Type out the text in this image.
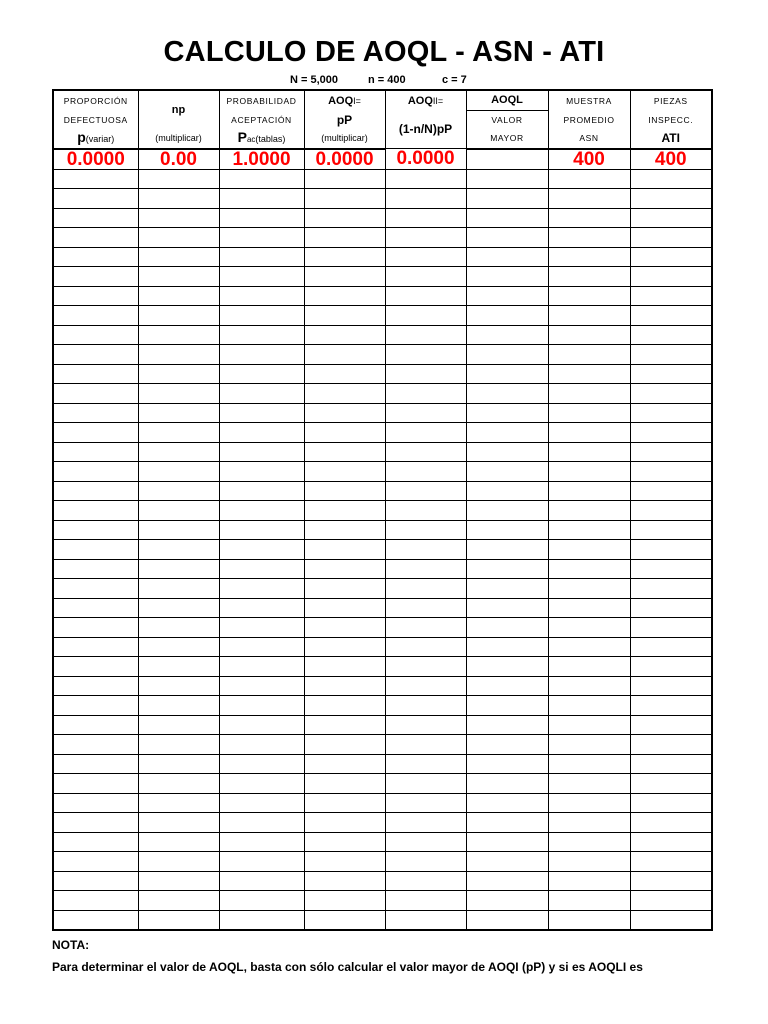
CALCULO DE AOQL - ASN - ATI
N = 5,000	n = 400	c = 7
PROPORCIÓN	np	PROBABILIDAD	AOQI=	AOQII=	AOQL	MUESTRA	PIEZAS
DEFECTUOSA		ACEPTACIÓN	pP	(1-n/N)pP	VALOR	PROMEDIO	INSPECC.
p(variar)	(multiplicar)	Pac(tablas)	(multiplicar)		MAYOR	ASN	ATI
0.0000	0.00	1.0000	0.0000	0.0000		400	400

NOTA:
Para determinar el valor de AOQL, basta con sólo calcular el valor mayor de AOQI (pP) y si es AOQLI es
